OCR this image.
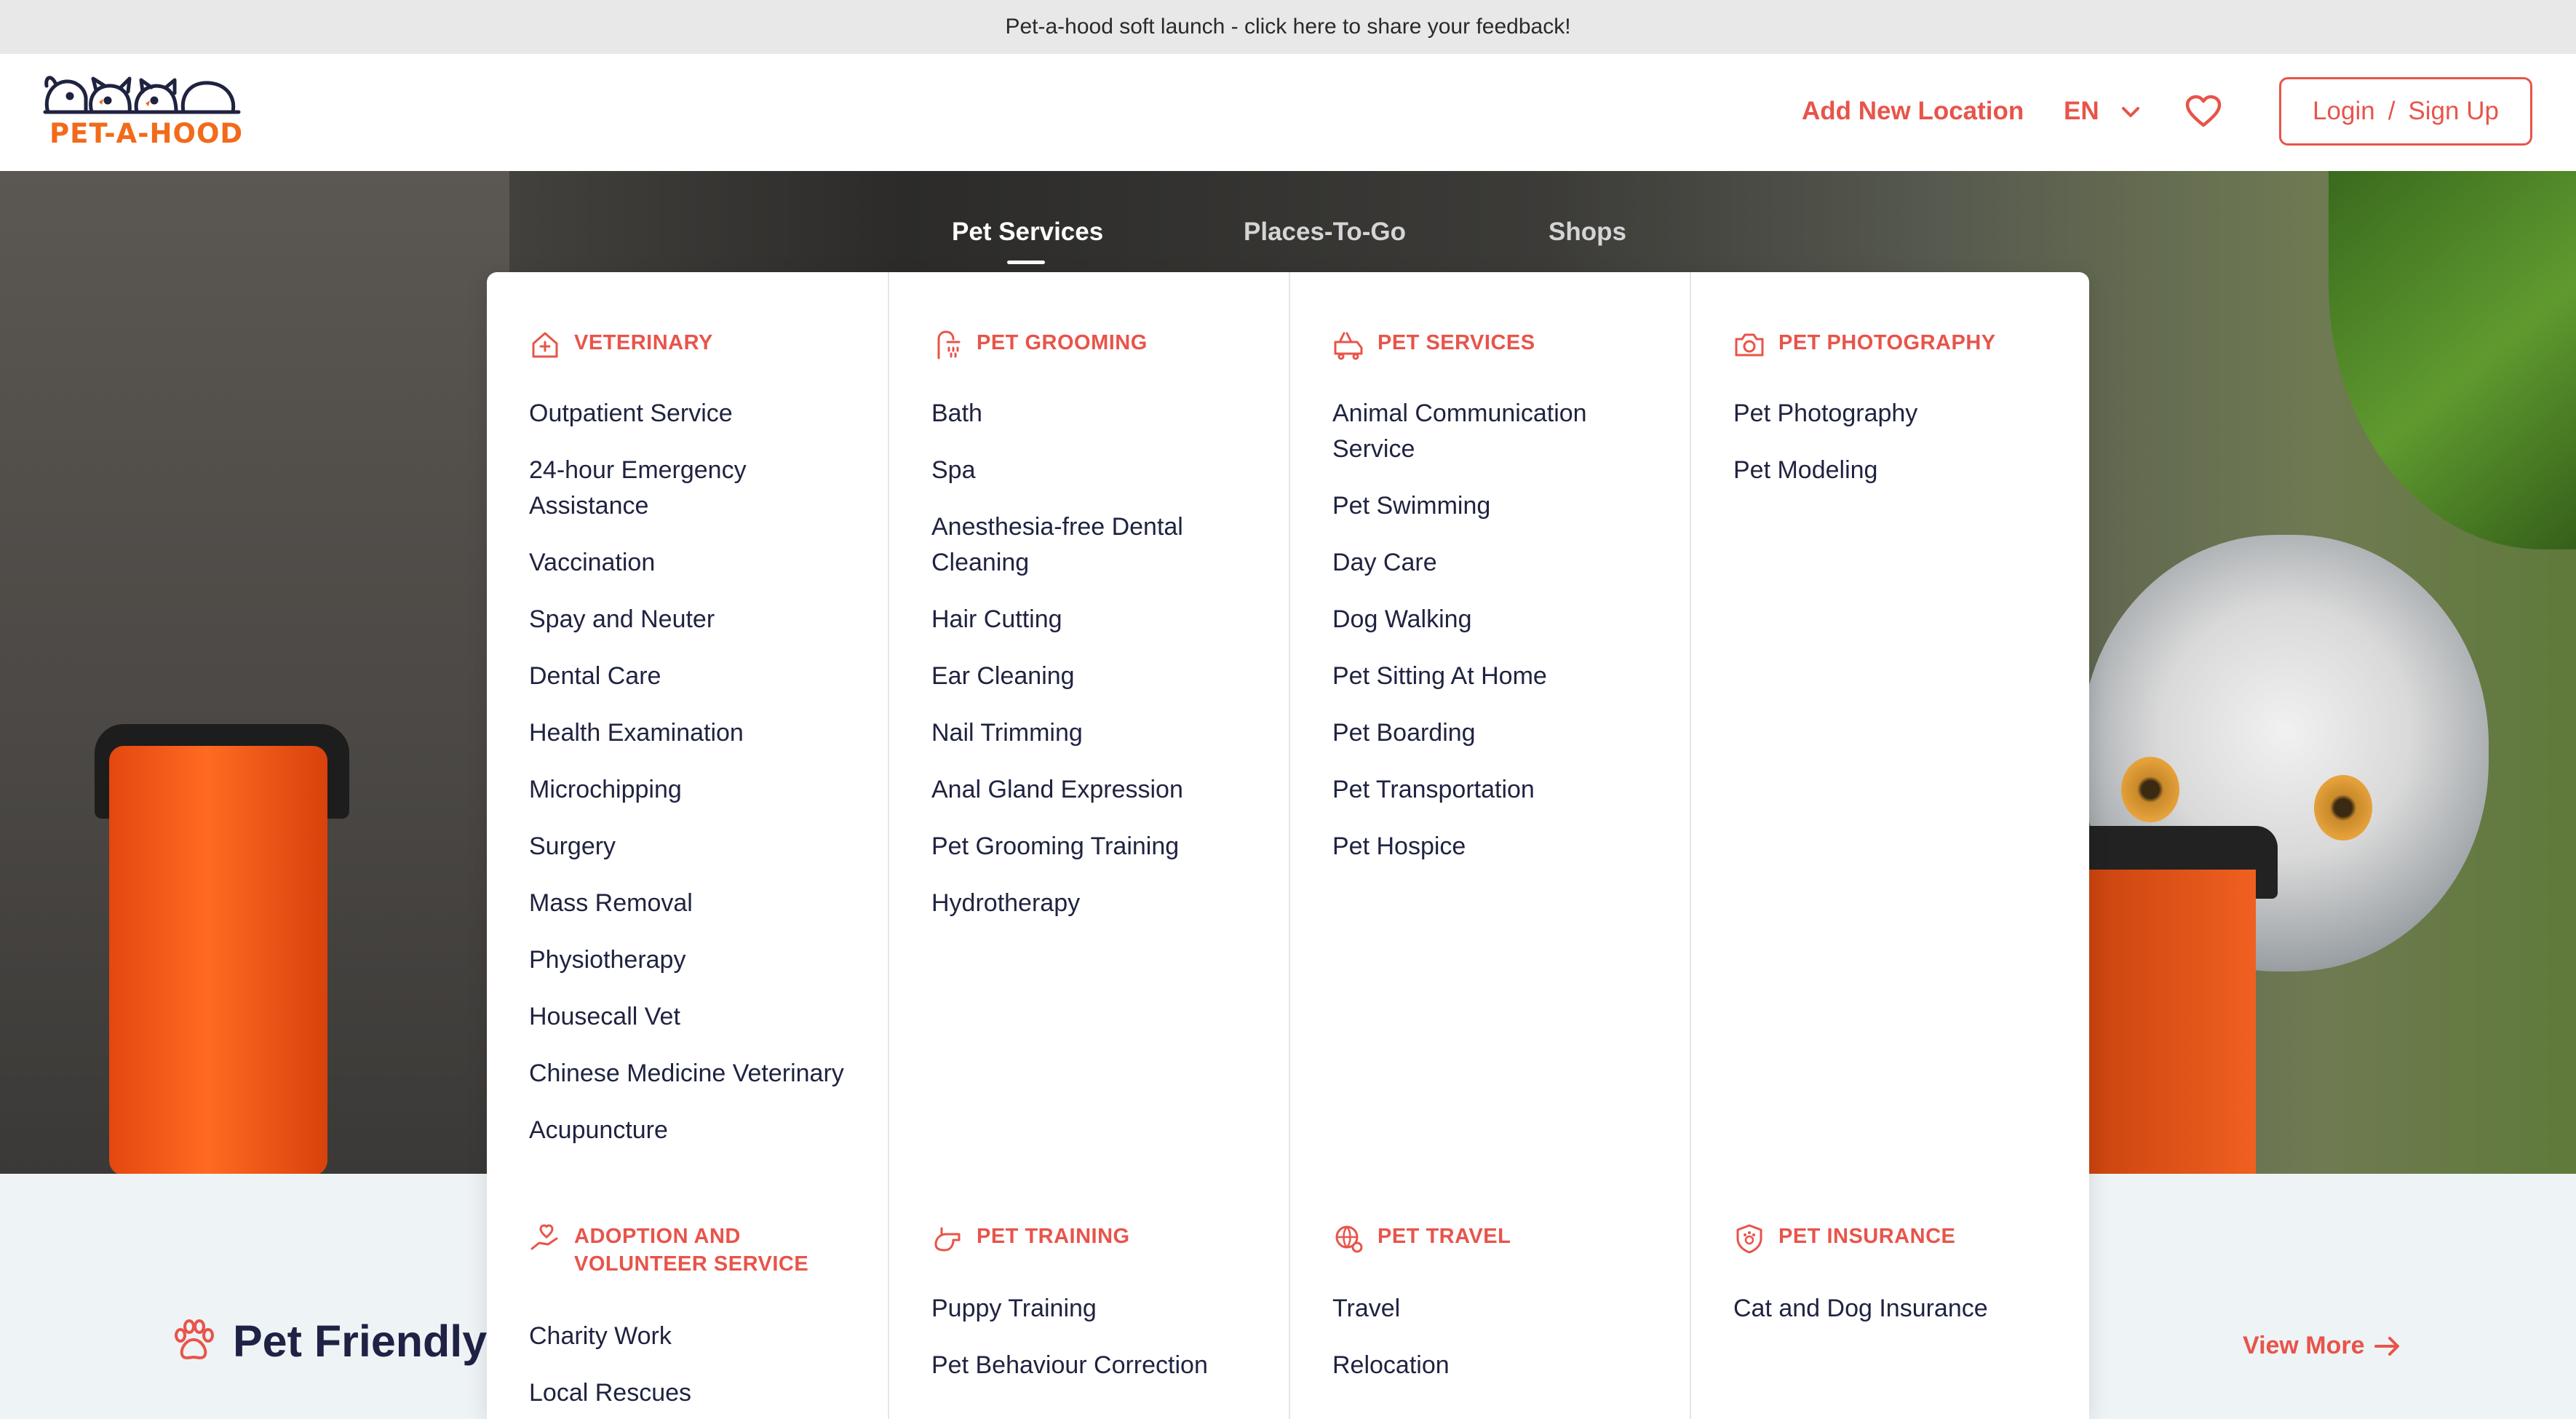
Pet-a-hood soft launch - click here to share your feedback!
PET-A-HOOD
Add New Location EN	Login / Sign Up
Pet Services	Places-To-Go	Shops
Pet Friendly	View More
VETERINARY
Outpatient Service
24-hour Emergency Assistance
Vaccination
Spay and Neuter
Dental Care
Health Examination
Microchipping
Surgery
Mass Removal
Physiotherapy
Housecall Vet
Chinese Medicine Veterinary
Acupuncture
ADOPTION AND VOLUNTEER SERVICE
Charity Work
Local Rescues
PET GROOMING
Bath
Spa
Anesthesia-free Dental Cleaning
Hair Cutting
Ear Cleaning
Nail Trimming
Anal Gland Expression
Pet Grooming Training
Hydrotherapy
PET TRAINING
Puppy Training
Pet Behaviour Correction
PET SERVICES
Animal Communication Service
Pet Swimming
Day Care
Dog Walking
Pet Sitting At Home
Pet Boarding
Pet Transportation
Pet Hospice
PET TRAVEL
Travel
Relocation
PET PHOTOGRAPHY
Pet Photography
Pet Modeling
PET INSURANCE
Cat and Dog Insurance
